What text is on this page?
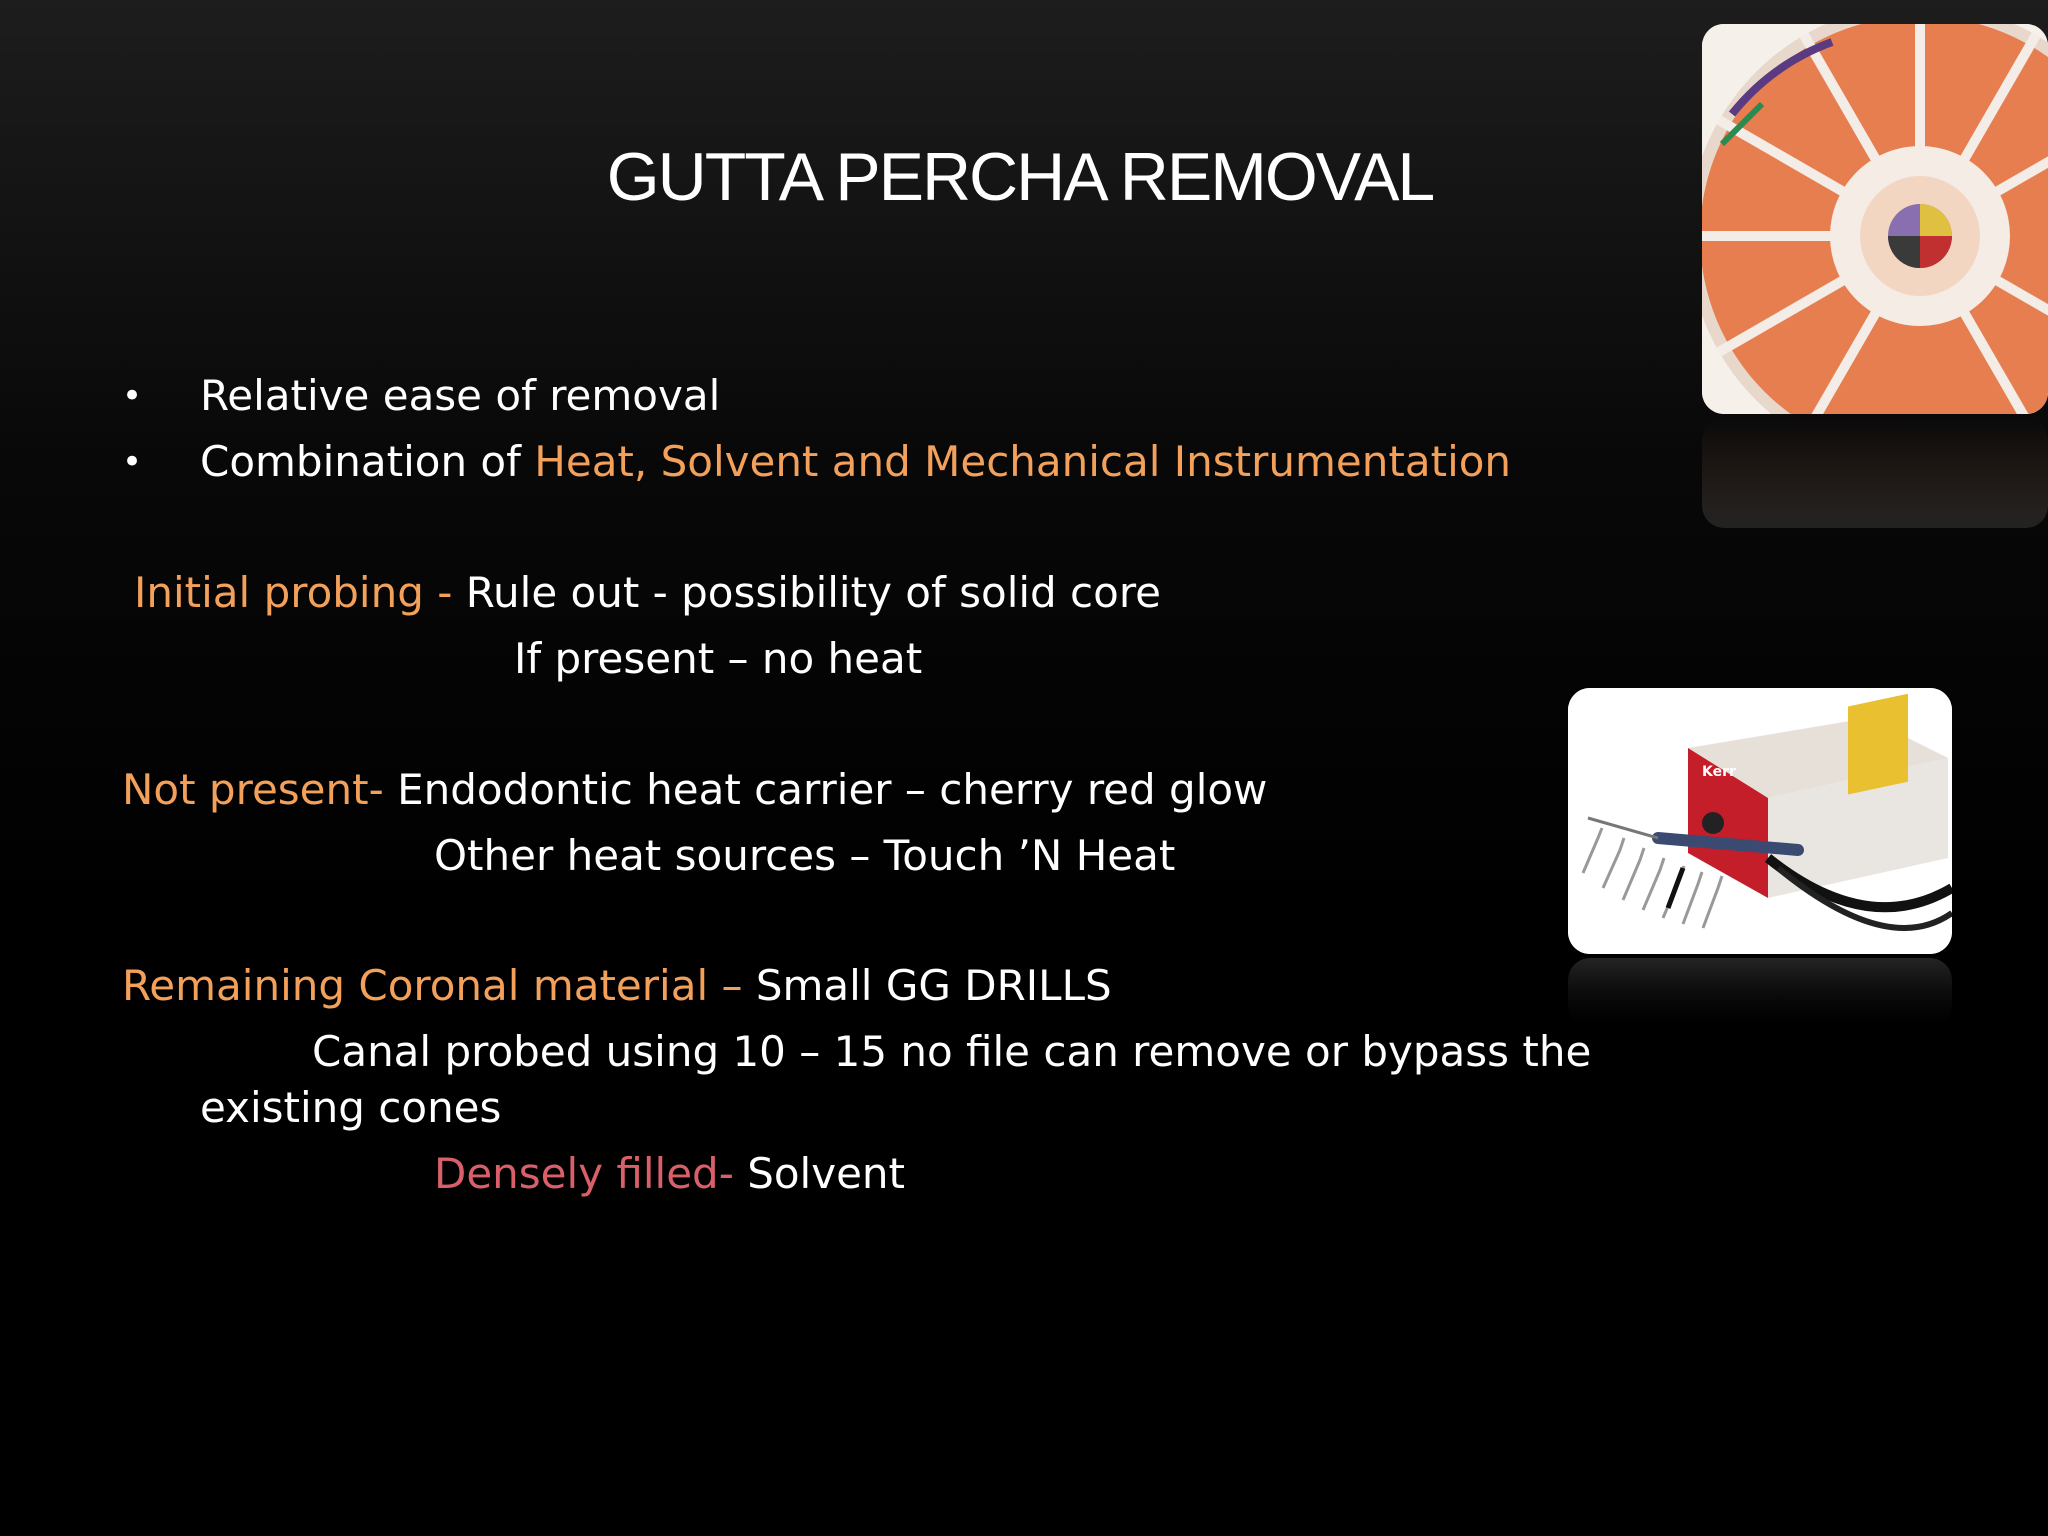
GUTTA PERCHA REMOVAL
• Relative ease of removal
• Combination of Heat, Solvent and Mechanical Instrumentation
Initial probing - Rule out - possibility of solid core
If present – no heat
Not present- Endodontic heat carrier – cherry red glow
Other heat sources – Touch ’N Heat
Remaining Coronal material – Small GG DRILLS
Canal probed using 10 – 15 no file can remove or bypass the
existing cones
Densely filled- Solvent
Kerr
